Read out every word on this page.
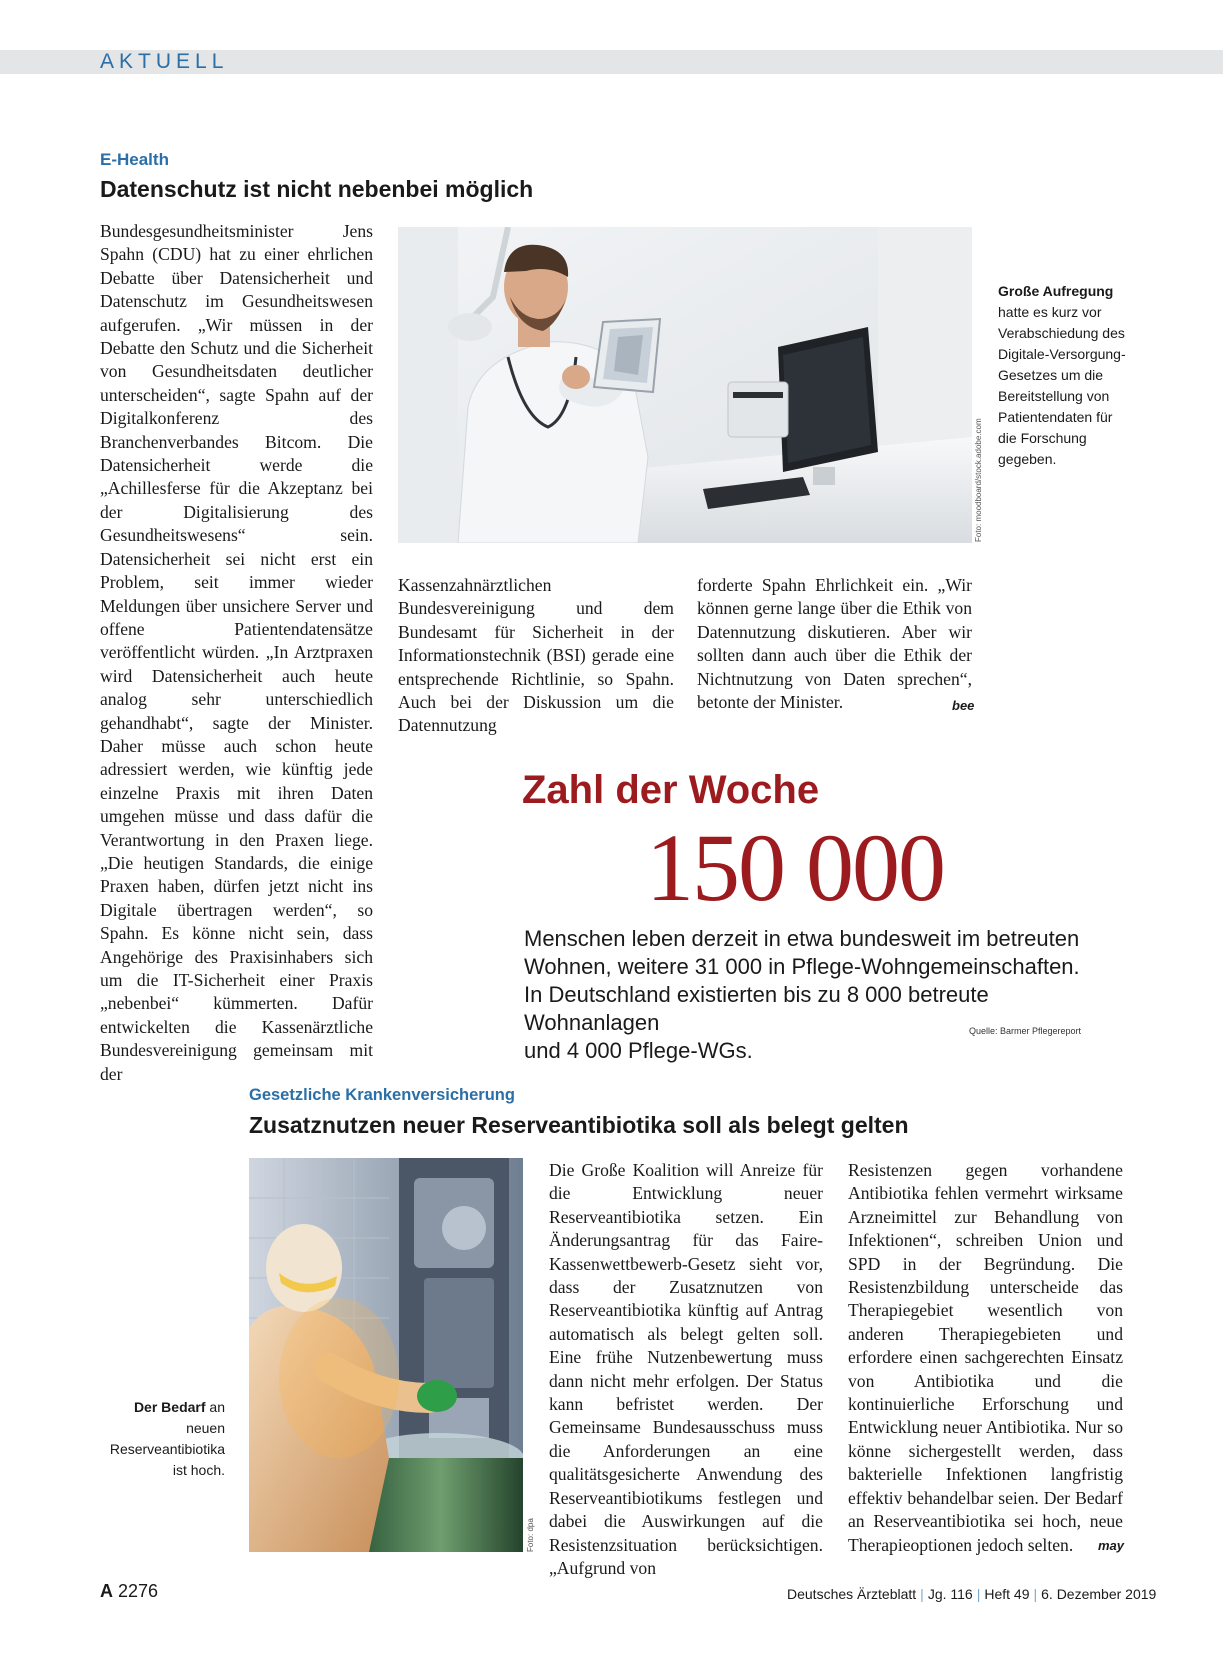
AKTUELL
E-Health
Datenschutz ist nicht nebenbei möglich
Bundesgesundheitsminister Jens Spahn (CDU) hat zu einer ehrlichen Debatte über Datensicherheit und Datenschutz im Gesundheitswesen aufgerufen. „Wir müssen in der Debatte den Schutz und die Sicherheit von Gesundheitsdaten deutlicher unterscheiden“, sagte Spahn auf der Digitalkonferenz des Branchenverbandes Bitcom. Die Datensicherheit werde die „Achillesferse für die Akzeptanz bei der Digitalisierung des Gesundheitswesens“ sein. Datensicherheit sei nicht erst ein Problem, seit immer wieder Meldungen über unsichere Server und offene Patientendatensätze veröffentlicht würden. „In Arztpraxen wird Datensicherheit auch heute analog sehr unterschiedlich gehandhabt“, sagte der Minister. Daher müsse auch schon heute adressiert werden, wie künftig jede einzelne Praxis mit ihren Daten umgehen müsse und dass dafür die Verantwortung in den Praxen liege. „Die heutigen Standards, die einige Praxen haben, dürfen jetzt nicht ins Digitale übertragen werden“, so Spahn. Es könne nicht sein, dass Angehörige des Praxisinhabers sich um die IT-Sicherheit einer Praxis „nebenbei“ kümmerten. Dafür entwickelten die Kassenärztliche Bundesvereinigung gemeinsam mit der
Foto: moodboard/stock.adobe.com
Große Aufregung hatte es kurz vor Verabschiedung des Digitale-Versorgung-Gesetzes um die Bereitstellung von Patientendaten für die Forschung gegeben.
Kassenzahnärztlichen Bundesvereinigung und dem Bundesamt für Sicherheit in der Informationstechnik (BSI) gerade eine entsprechende Richtlinie, so Spahn. Auch bei der Diskussion um die Datennutzung
forderte Spahn Ehrlichkeit ein. „Wir können gerne lange über die Ethik von Datennutzung diskutieren. Aber wir sollten dann auch über die Ethik der Nichtnutzung von Daten sprechen“, betonte der Minister.	bee
Zahl der Woche
150 000
Menschen leben derzeit in etwa bundesweit im betreuten
Wohnen, weitere 31 000 in Pflege-Wohngemeinschaften.
In Deutschland existierten bis zu 8 000 betreute Wohnanlagen
und 4 000 Pflege-WGs.
Quelle: Barmer Pflegereport
Gesetzliche Krankenversicherung
Zusatznutzen neuer Reserveantibiotika soll als belegt gelten
Foto: dpa
Der Bedarf an neuen Reserveantibiotika ist hoch.
Die Große Koalition will Anreize für die Entwicklung neuer Reserveantibiotika setzen. Ein Änderungsantrag für das Faire-Kassenwettbewerb-Gesetz sieht vor, dass der Zusatznutzen von Reserveantibiotika künftig auf Antrag automatisch als belegt gelten soll. Eine frühe Nutzenbewertung muss dann nicht mehr erfolgen. Der Status kann befristet werden. Der Gemeinsame Bundesausschuss muss die Anforderungen an eine qualitätsgesicherte Anwendung des Reserveantibiotikums festlegen und dabei die Auswirkungen auf die Resistenzsituation berücksichtigen. „Aufgrund von
Resistenzen gegen vorhandene Antibiotika fehlen vermehrt wirksame Arzneimittel zur Behandlung von Infektionen“, schreiben Union und SPD in der Begründung. Die Resistenzbildung unterscheide das Therapiegebiet wesentlich von anderen Therapiegebieten und erfordere einen sachgerechten Einsatz von Antibiotika und die kontinuierliche Erforschung und Entwicklung neuer Antibiotika. Nur so könne sichergestellt werden, dass bakterielle Infektionen langfristig effektiv behandelbar seien. Der Bedarf an Reserveantibiotika sei hoch, neue Therapieoptionen jedoch selten.	may
A 2276	Deutsches Ärzteblatt | Jg. 116 | Heft 49 | 6. Dezember 2019
